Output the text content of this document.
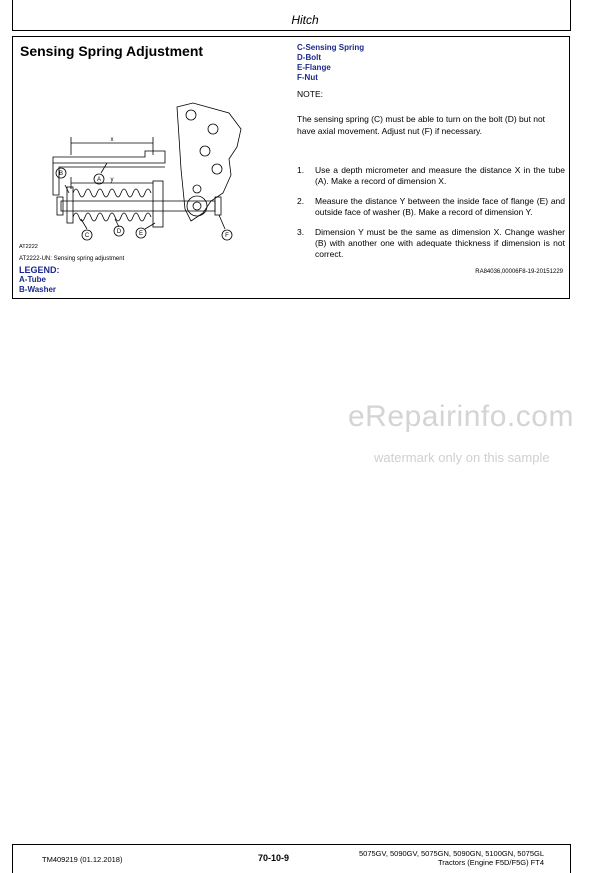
Hitch
Sensing Spring Adjustment	C-Sensing Spring
D-Bolt
E-Flange
F-Nut
NOTE:
The sensing spring (C) must be able to turn on the bolt (D) but not have axial movement. Adjust nut (F) if necessary.
1.	Use a depth micrometer and measure the distance X in the tube (A). Make a record of dimension X.
2.	Measure the distance Y between the inside face of flange (E) and outside face of washer (B). Make a record of dimension Y.
3.	Dimension Y must be the same as dimension X. Change washer (B) with another one with adequate thickness if dimension is not correct.
RA84036,00006F8-19-20151229
x
y
A
B
C
D	E	F
AT2222
AT2222-UN: Sensing spring adjustment
LEGEND:
A-Tube
B-Washer
eRepairinfo.com
watermark only on this sample
TM409219 (01.12.2018)	70-10-9	5075GV, 5090GV, 5075GN, 5090GN, 5100GN, 5075GL
Tractors (Engine F5D/F5G) FT4
